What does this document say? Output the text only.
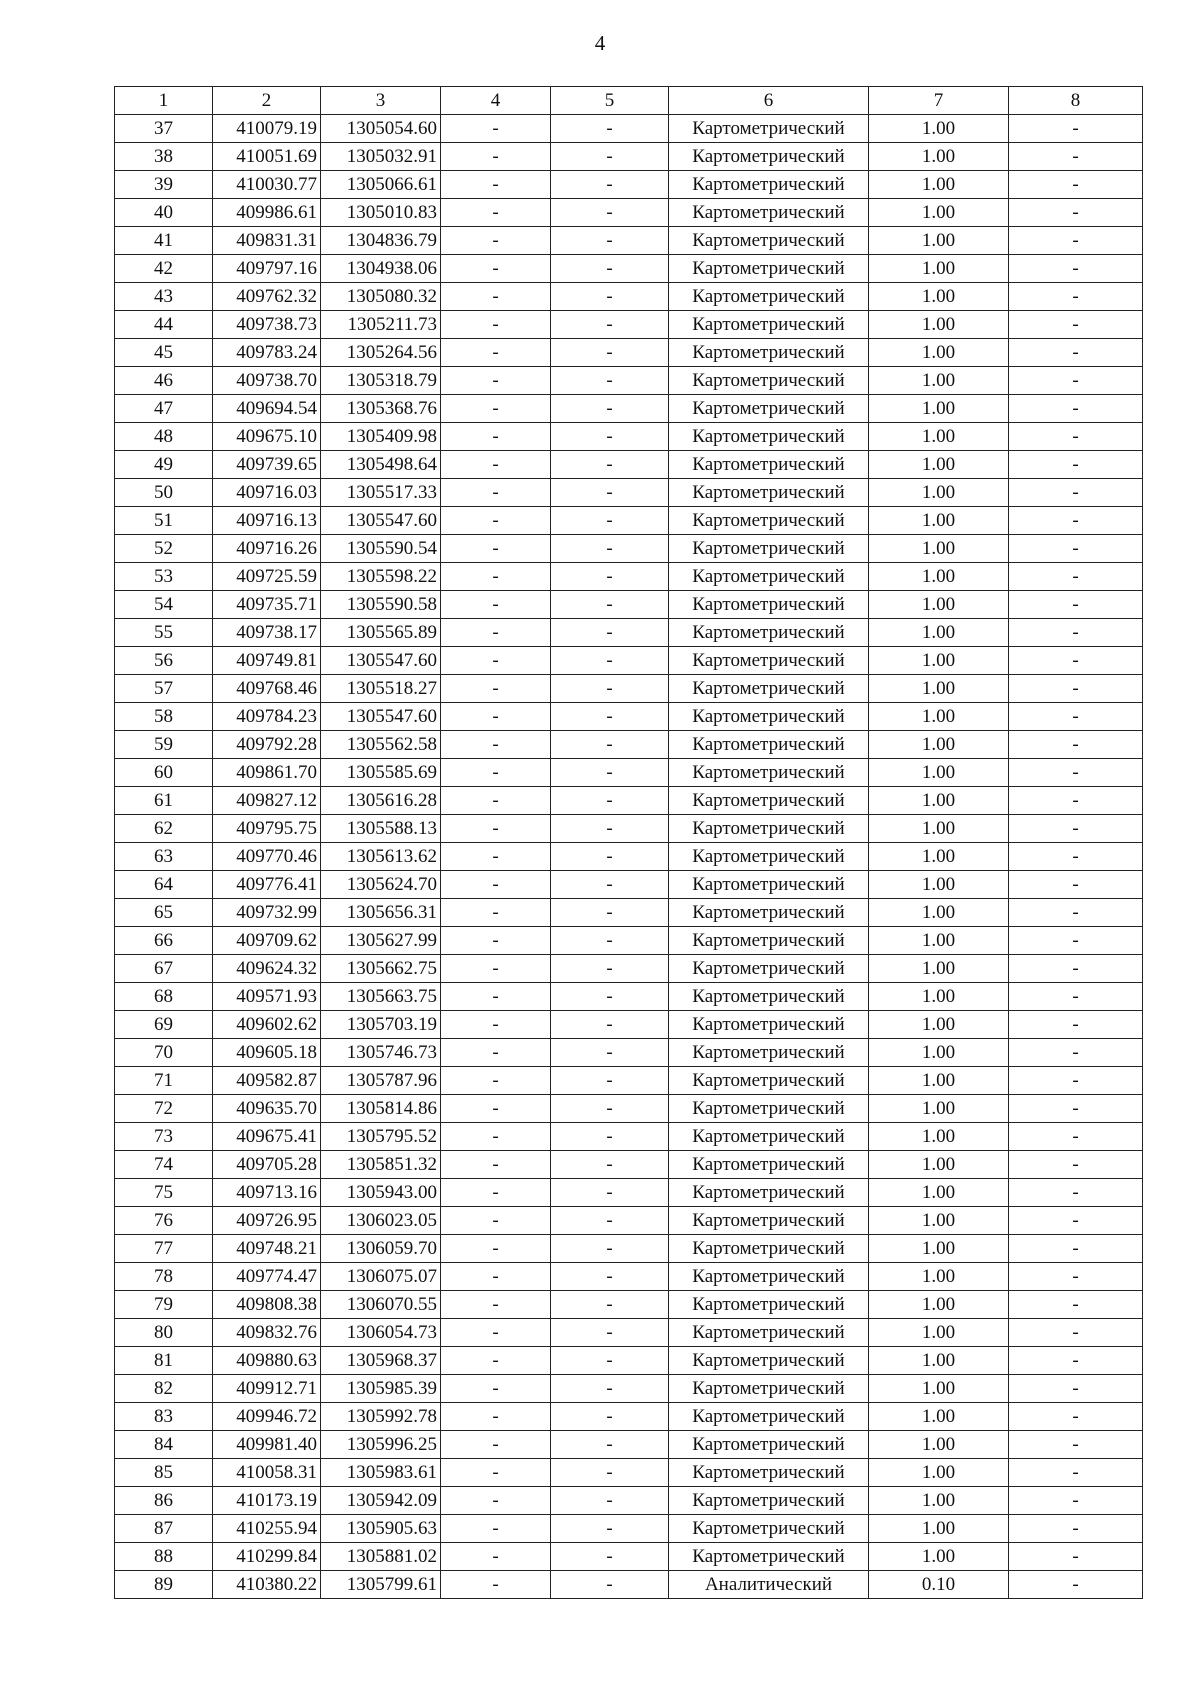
4
1	2	3	4	5	6	7	8
37	410079.19	1305054.60	-	-	Картометрический	1.00	-
38	410051.69	1305032.91	-	-	Картометрический	1.00	-
39	410030.77	1305066.61	-	-	Картометрический	1.00	-
40	409986.61	1305010.83	-	-	Картометрический	1.00	-
41	409831.31	1304836.79	-	-	Картометрический	1.00	-
42	409797.16	1304938.06	-	-	Картометрический	1.00	-
43	409762.32	1305080.32	-	-	Картометрический	1.00	-
44	409738.73	1305211.73	-	-	Картометрический	1.00	-
45	409783.24	1305264.56	-	-	Картометрический	1.00	-
46	409738.70	1305318.79	-	-	Картометрический	1.00	-
47	409694.54	1305368.76	-	-	Картометрический	1.00	-
48	409675.10	1305409.98	-	-	Картометрический	1.00	-
49	409739.65	1305498.64	-	-	Картометрический	1.00	-
50	409716.03	1305517.33	-	-	Картометрический	1.00	-
51	409716.13	1305547.60	-	-	Картометрический	1.00	-
52	409716.26	1305590.54	-	-	Картометрический	1.00	-
53	409725.59	1305598.22	-	-	Картометрический	1.00	-
54	409735.71	1305590.58	-	-	Картометрический	1.00	-
55	409738.17	1305565.89	-	-	Картометрический	1.00	-
56	409749.81	1305547.60	-	-	Картометрический	1.00	-
57	409768.46	1305518.27	-	-	Картометрический	1.00	-
58	409784.23	1305547.60	-	-	Картометрический	1.00	-
59	409792.28	1305562.58	-	-	Картометрический	1.00	-
60	409861.70	1305585.69	-	-	Картометрический	1.00	-
61	409827.12	1305616.28	-	-	Картометрический	1.00	-
62	409795.75	1305588.13	-	-	Картометрический	1.00	-
63	409770.46	1305613.62	-	-	Картометрический	1.00	-
64	409776.41	1305624.70	-	-	Картометрический	1.00	-
65	409732.99	1305656.31	-	-	Картометрический	1.00	-
66	409709.62	1305627.99	-	-	Картометрический	1.00	-
67	409624.32	1305662.75	-	-	Картометрический	1.00	-
68	409571.93	1305663.75	-	-	Картометрический	1.00	-
69	409602.62	1305703.19	-	-	Картометрический	1.00	-
70	409605.18	1305746.73	-	-	Картометрический	1.00	-
71	409582.87	1305787.96	-	-	Картометрический	1.00	-
72	409635.70	1305814.86	-	-	Картометрический	1.00	-
73	409675.41	1305795.52	-	-	Картометрический	1.00	-
74	409705.28	1305851.32	-	-	Картометрический	1.00	-
75	409713.16	1305943.00	-	-	Картометрический	1.00	-
76	409726.95	1306023.05	-	-	Картометрический	1.00	-
77	409748.21	1306059.70	-	-	Картометрический	1.00	-
78	409774.47	1306075.07	-	-	Картометрический	1.00	-
79	409808.38	1306070.55	-	-	Картометрический	1.00	-
80	409832.76	1306054.73	-	-	Картометрический	1.00	-
81	409880.63	1305968.37	-	-	Картометрический	1.00	-
82	409912.71	1305985.39	-	-	Картометрический	1.00	-
83	409946.72	1305992.78	-	-	Картометрический	1.00	-
84	409981.40	1305996.25	-	-	Картометрический	1.00	-
85	410058.31	1305983.61	-	-	Картометрический	1.00	-
86	410173.19	1305942.09	-	-	Картометрический	1.00	-
87	410255.94	1305905.63	-	-	Картометрический	1.00	-
88	410299.84	1305881.02	-	-	Картометрический	1.00	-
89	410380.22	1305799.61	-	-	Аналитический	0.10	-
